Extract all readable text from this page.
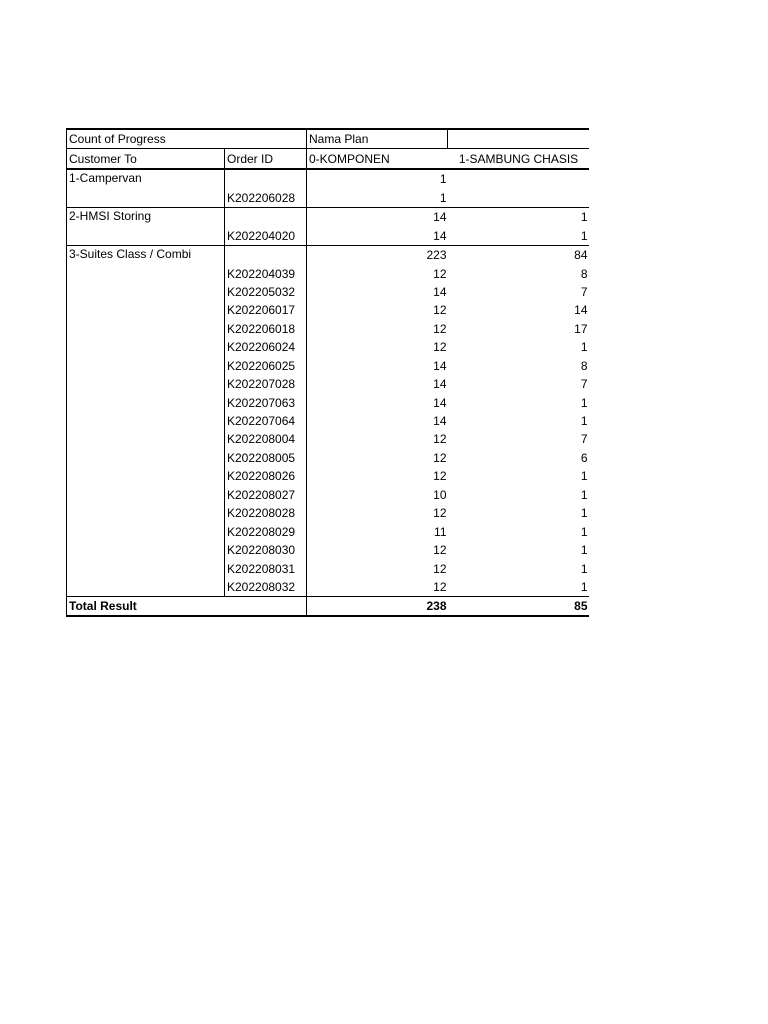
Count of Progress		Nama Plan	
Customer To	Order ID	0-KOMPONEN	1-SAMBUNG CHASIS
1-Campervan		1	
	K202206028	1	
2-HMSI Storing		14	1
	K202204020	14	1
3-Suites Class / Combi		223	84
	K202204039	12	8
	K202205032	14	7
	K202206017	12	14
	K202206018	12	17
	K202206024	12	1
	K202206025	14	8
	K202207028	14	7
	K202207063	14	1
	K202207064	14	1
	K202208004	12	7
	K202208005	12	6
	K202208026	12	1
	K202208027	10	1
	K202208028	12	1
	K202208029	11	1
	K202208030	12	1
	K202208031	12	1
	K202208032	12	1
Total Result		238	85
